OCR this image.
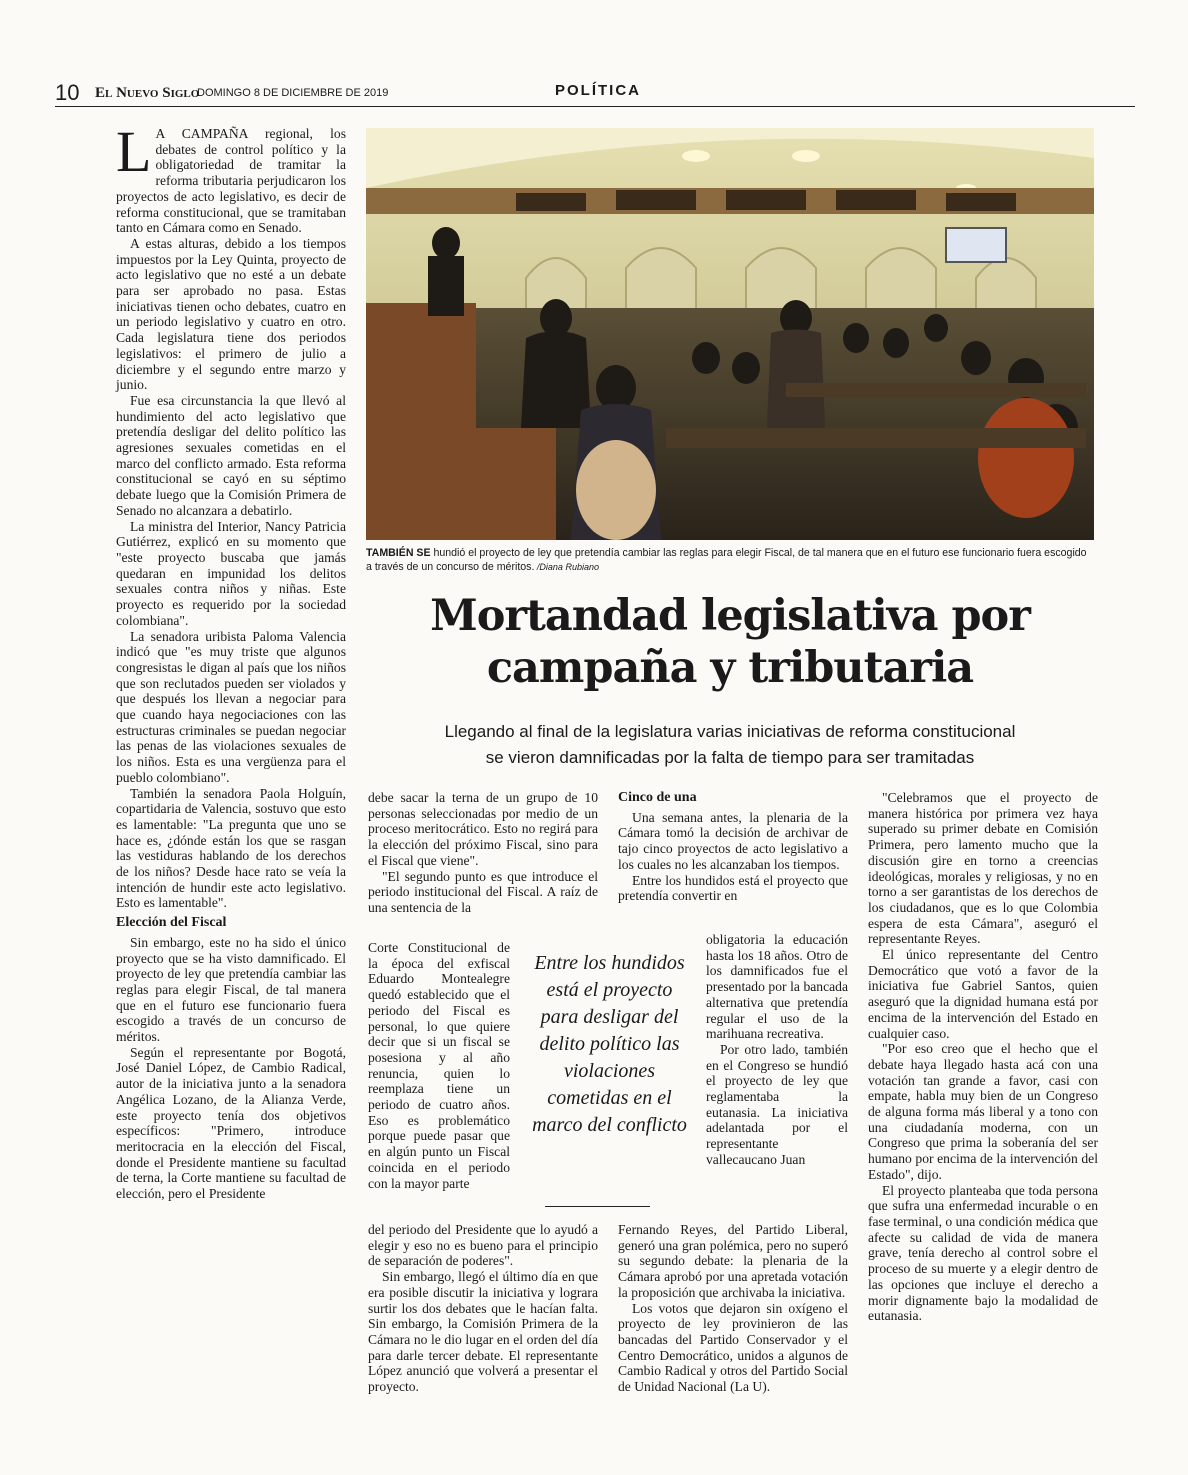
10 El Nuevo Siglo
DOMINGO 8 DE DICIEMBRE DE 2019	POLÍTICA

L A CAMPAÑA regional, los debates de control político y la obligatoriedad de tramitar la reforma tributaria perjudicaron los proyectos de acto legislativo, es decir de reforma constitucional, que se tramitaban tanto en Cámara como en Senado.

A estas alturas, debido a los tiempos impuestos por la Ley Quinta, proyecto de acto legislativo que no esté a un debate para ser aprobado no pasa. Estas iniciativas tienen ocho debates, cuatro en un periodo legislativo y cuatro en otro. Cada legislatura tiene dos periodos legislativos: el primero de julio a diciembre y el segundo entre marzo y junio.

Fue esa circunstancia la que llevó al hundimiento del acto legislativo que pretendía desligar del delito político las agresiones sexuales cometidas en el marco del conflicto armado. Esta reforma constitucional se cayó en su séptimo debate luego que la Comisión Primera de Senado no alcanzara a debatirlo.

La ministra del Interior, Nancy Patricia Gutiérrez, explicó en su momento que "este proyecto buscaba que jamás quedaran en impunidad los delitos sexuales contra niños y niñas. Este proyecto es requerido por la sociedad colombiana".

La senadora uribista Paloma Valencia indicó que "es muy triste que algunos congresistas le digan al país que los niños que son reclutados pueden ser violados y que después los llevan a negociar para que cuando haya negociaciones con las estructuras criminales se puedan negociar las penas de las violaciones sexuales de los niños. Esta es una vergüenza para el pueblo colombiano".

También la senadora Paola Holguín, copartidaria de Valencia, sostuvo que esto es lamentable: "La pregunta que uno se hace es, ¿dónde están los que se rasgan las vestiduras hablando de los derechos de los niños? Desde hace rato se veía la intención de hundir este acto legislativo. Esto es lamentable".

Elección del Fiscal

Sin embargo, este no ha sido el único proyecto que se ha visto damnificado. El proyecto de ley que pretendía cambiar las reglas para elegir Fiscal, de tal manera que en el futuro ese funcionario fuera escogido a través de un concurso de méritos.

Según el representante por Bogotá, José Daniel López, de Cambio Radical, autor de la iniciativa junto a la senadora Angélica Lozano, de la Alianza Verde, este proyecto tenía dos objetivos específicos: "Primero, introduce meritocracia en la elección del Fiscal, donde el Presidente mantiene su facultad de terna, la Corte mantiene su facultad de elección, pero el Presidente

TAMBIÉN SE hundió el proyecto de ley que pretendía cambiar las reglas para elegir Fiscal, de tal manera que en el futuro ese funcionario fuera escogido a través de un concurso de méritos. /Diana Rubiano
Mortandad legislativa por
campaña y tributaria
Llegando al final de la legislatura varias iniciativas de reforma constitucional
se vieron damnificadas por la falta de tiempo para ser tramitadas

debe sacar la terna de un grupo de 10 personas seleccionadas por medio de un proceso meritocrático. Esto no regirá para la elección del próximo Fiscal, sino para el Fiscal que viene".

"El segundo punto es que introduce el periodo institucional del Fiscal. A raíz de una sentencia de la

Corte Constitucional de la época del exfiscal Eduardo Montealegre quedó establecido que el periodo del Fiscal es personal, lo que quiere decir que si un fiscal se posesiona y al año renuncia, quien lo reemplaza tiene un periodo de cuatro años. Eso es problemático porque puede pasar que en algún punto un Fiscal coincida en el periodo con la mayor parte

del periodo del Presidente que lo ayudó a elegir y eso no es bueno para el principio de separación de poderes".

Sin embargo, llegó el último día en que era posible discutir la iniciativa y lograra surtir los dos debates que le hacían falta. Sin embargo, la Comisión Primera de la Cámara no le dio lugar en el orden del día para darle tercer debate. El representante López anunció que volverá a presentar el proyecto.

Entre los hundidos está el proyecto para desligar del delito político las violaciones cometidas en el marco del conflicto
Cinco de una

Una semana antes, la plenaria de la Cámara tomó la decisión de archivar de tajo cinco proyectos de acto legislativo a los cuales no les alcanzaban los tiempos.

Entre los hundidos está el proyecto que pretendía convertir en

obligatoria la educación hasta los 18 años. Otro de los damnificados fue el presentado por la bancada alternativa que pretendía regular el uso de la marihuana recreativa.

Por otro lado, también en el Congreso se hundió el proyecto de ley que reglamentaba la eutanasia. La iniciativa adelantada por el representante vallecaucano Juan

Fernando Reyes, del Partido Liberal, generó una gran polémica, pero no superó su segundo debate: la plenaria de la Cámara aprobó por una apretada votación la proposición que archivaba la iniciativa.

Los votos que dejaron sin oxígeno el proyecto de ley provinieron de las bancadas del Partido Conservador y el Centro Democrático, unidos a algunos de Cambio Radical y otros del Partido Social de Unidad Nacional (La U).

"Celebramos que el proyecto de manera histórica por primera vez haya superado su primer debate en Comisión Primera, pero lamento mucho que la discusión gire en torno a creencias ideológicas, morales y religiosas, y no en torno a ser garantistas de los derechos de los ciudadanos, que es lo que Colombia espera de esta Cámara", aseguró el representante Reyes.

El único representante del Centro Democrático que votó a favor de la iniciativa fue Gabriel Santos, quien aseguró que la dignidad humana está por encima de la intervención del Estado en cualquier caso.

"Por eso creo que el hecho que el debate haya llegado hasta acá con una votación tan grande a favor, casi con empate, habla muy bien de un Congreso de alguna forma más liberal y a tono con una ciudadanía moderna, con un Congreso que prima la soberanía del ser humano por encima de la intervención del Estado", dijo.

El proyecto planteaba que toda persona que sufra una enfermedad incurable o en fase terminal, o una condición médica que afecte su calidad de vida de manera grave, tenía derecho al control sobre el proceso de su muerte y a elegir dentro de las opciones que incluye el derecho a morir dignamente bajo la modalidad de eutanasia.
